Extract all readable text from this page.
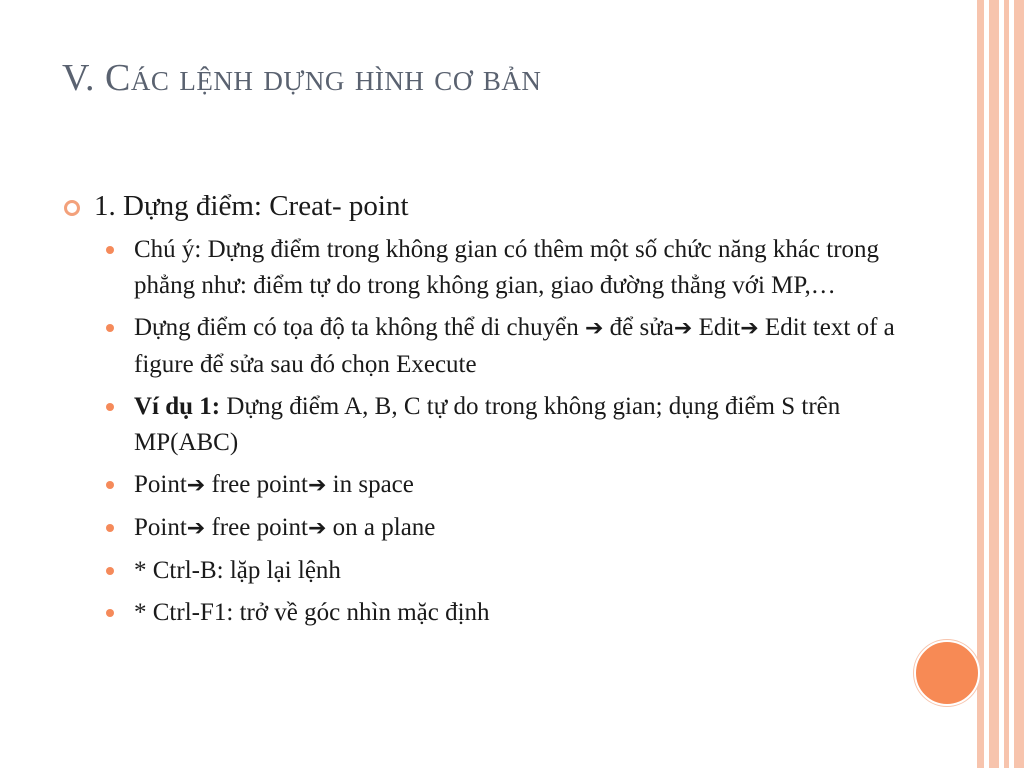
V. Các lệnh dựng hình cơ bản
1. Dựng điểm: Creat- point
Chú ý: Dựng điểm trong không gian có thêm một số chức năng khác trong phẳng như: điểm tự do trong không gian, giao đường thẳng với MP,…
Dựng điểm có tọa độ ta không thể di chuyển ➔ để sửa➔ Edit➔ Edit text of a figure để sửa sau đó chọn Execute
Ví dụ 1: Dựng điểm A, B, C tự do trong không gian; dụng điểm S trên MP(ABC)
Point➔ free point➔ in space
Point➔ free point➔ on a plane
* Ctrl-B: lặp lại lệnh
* Ctrl-F1: trở về góc nhìn mặc định
